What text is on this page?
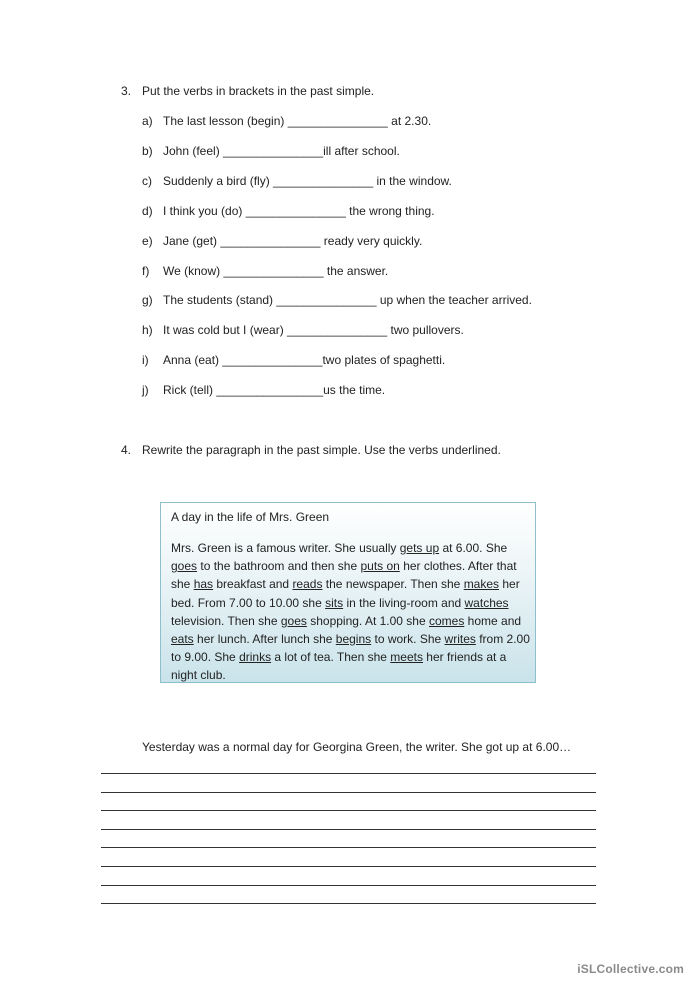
3. Put the verbs in brackets in the past simple.
a) The last lesson (begin) _______________ at 2.30.
b) John (feel) _______________ill after school.
c) Suddenly a bird (fly) _______________ in the window.
d) I think you (do) _______________ the wrong thing.
e) Jane (get) _______________ ready very quickly.
f) We (know) _______________ the answer.
g) The students (stand) _______________ up when the teacher arrived.
h) It was cold but I (wear) _______________ two pullovers.
i) Anna (eat) _______________two plates of spaghetti.
j) Rick (tell) ________________us the time.
4. Rewrite the paragraph in the past simple. Use the verbs underlined.
A day in the life of Mrs. Green
Mrs. Green is a famous writer. She usually gets up at 6.00. She goes to the bathroom and then she puts on her clothes. After that she has breakfast and reads the newspaper. Then she makes her bed. From 7.00 to 10.00 she sits in the living-room and watches television. Then she goes shopping. At 1.00 she comes home and eats her lunch. After lunch she begins to work. She writes from 2.00 to 9.00. She drinks a lot of tea. Then she meets her friends at a night club.
Yesterday was a normal day for Georgina Green, the writer. She got up at 6.00…
iSLCollective.com
